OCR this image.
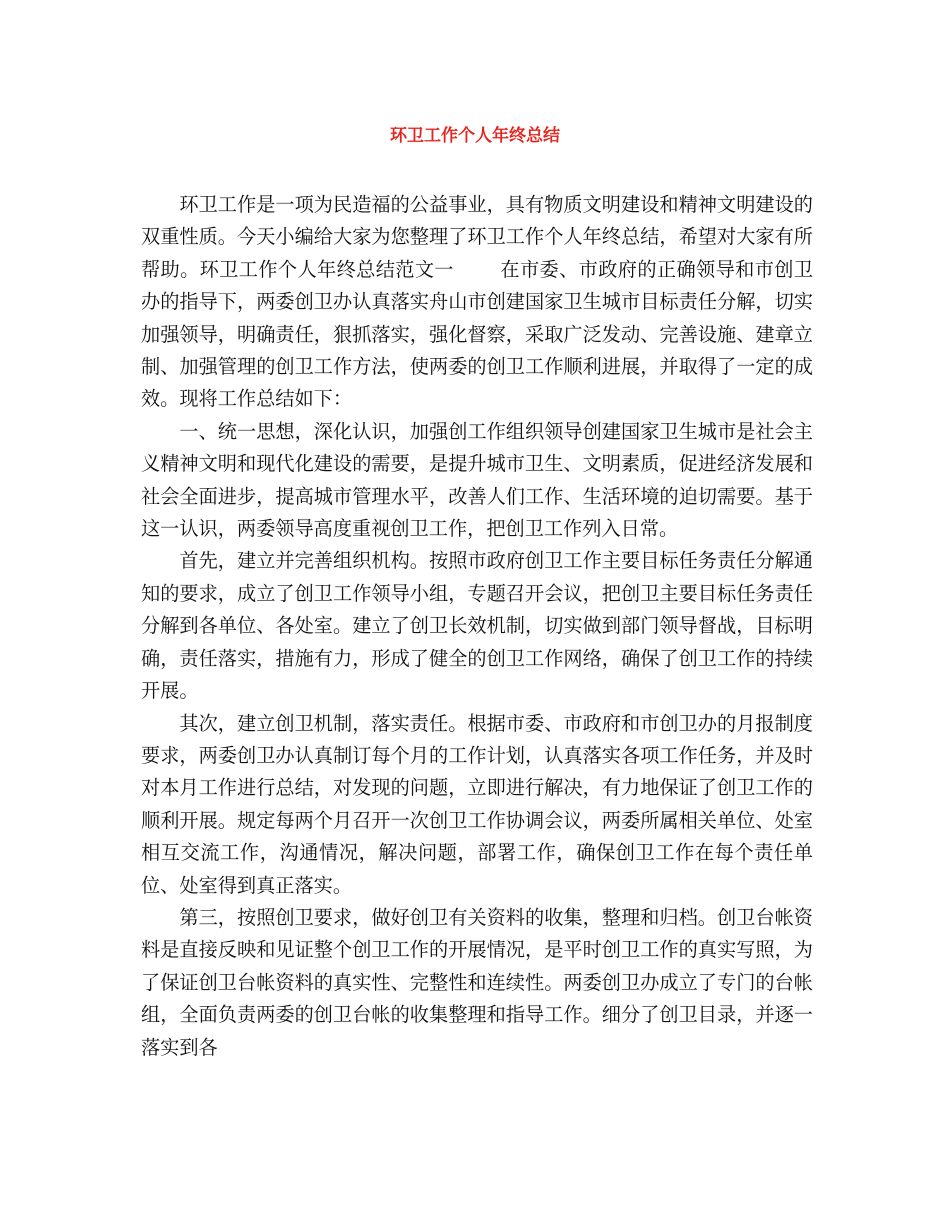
环卫工作个人年终总结

环卫工作是一项为民造福的公益事业，具有物质文明建设和精神文明建设的双重性质。今天小编给大家为您整理了环卫工作个人年终总结，希望对大家有所帮助。环卫工作个人年终总结范文一 在市委、市政府的正确领导和市创卫办的指导下，两委创卫办认真落实舟山市创建国家卫生城市目标责任分解，切实加强领导，明确责任，狠抓落实，强化督察，采取广泛发动、完善设施、建章立制、加强管理的创卫工作方法，使两委的创卫工作顺利进展，并取得了一定的成效。现将工作总结如下：

一、统一思想，深化认识，加强创工作组织领导创建国家卫生城市是社会主义精神文明和现代化建设的需要，是提升城市卫生、文明素质，促进经济发展和社会全面进步，提高城市管理水平，改善人们工作、生活环境的迫切需要。基于这一认识，两委领导高度重视创卫工作，把创卫工作列入日常。

首先，建立并完善组织机构。按照市政府创卫工作主要目标任务责任分解通知的要求，成立了创卫工作领导小组，专题召开会议，把创卫主要目标任务责任分解到各单位、各处室。建立了创卫长效机制，切实做到部门领导督战，目标明确，责任落实，措施有力，形成了健全的创卫工作网络，确保了创卫工作的持续开展。

其次，建立创卫机制，落实责任。根据市委、市政府和市创卫办的月报制度要求，两委创卫办认真制订每个月的工作计划，认真落实各项工作任务，并及时对本月工作进行总结，对发现的问题，立即进行解决，有力地保证了创卫工作的顺利开展。规定每两个月召开一次创卫工作协调会议，两委所属相关单位、处室相互交流工作，沟通情况，解决问题，部署工作，确保创卫工作在每个责任单位、处室得到真正落实。

第三，按照创卫要求，做好创卫有关资料的收集，整理和归档。创卫台帐资料是直接反映和见证整个创卫工作的开展情况，是平时创卫工作的真实写照，为了保证创卫台帐资料的真实性、完整性和连续性。两委创卫办成立了专门的台帐组，全面负责两委的创卫台帐的收集整理和指导工作。细分了创卫目录，并逐一落实到各
